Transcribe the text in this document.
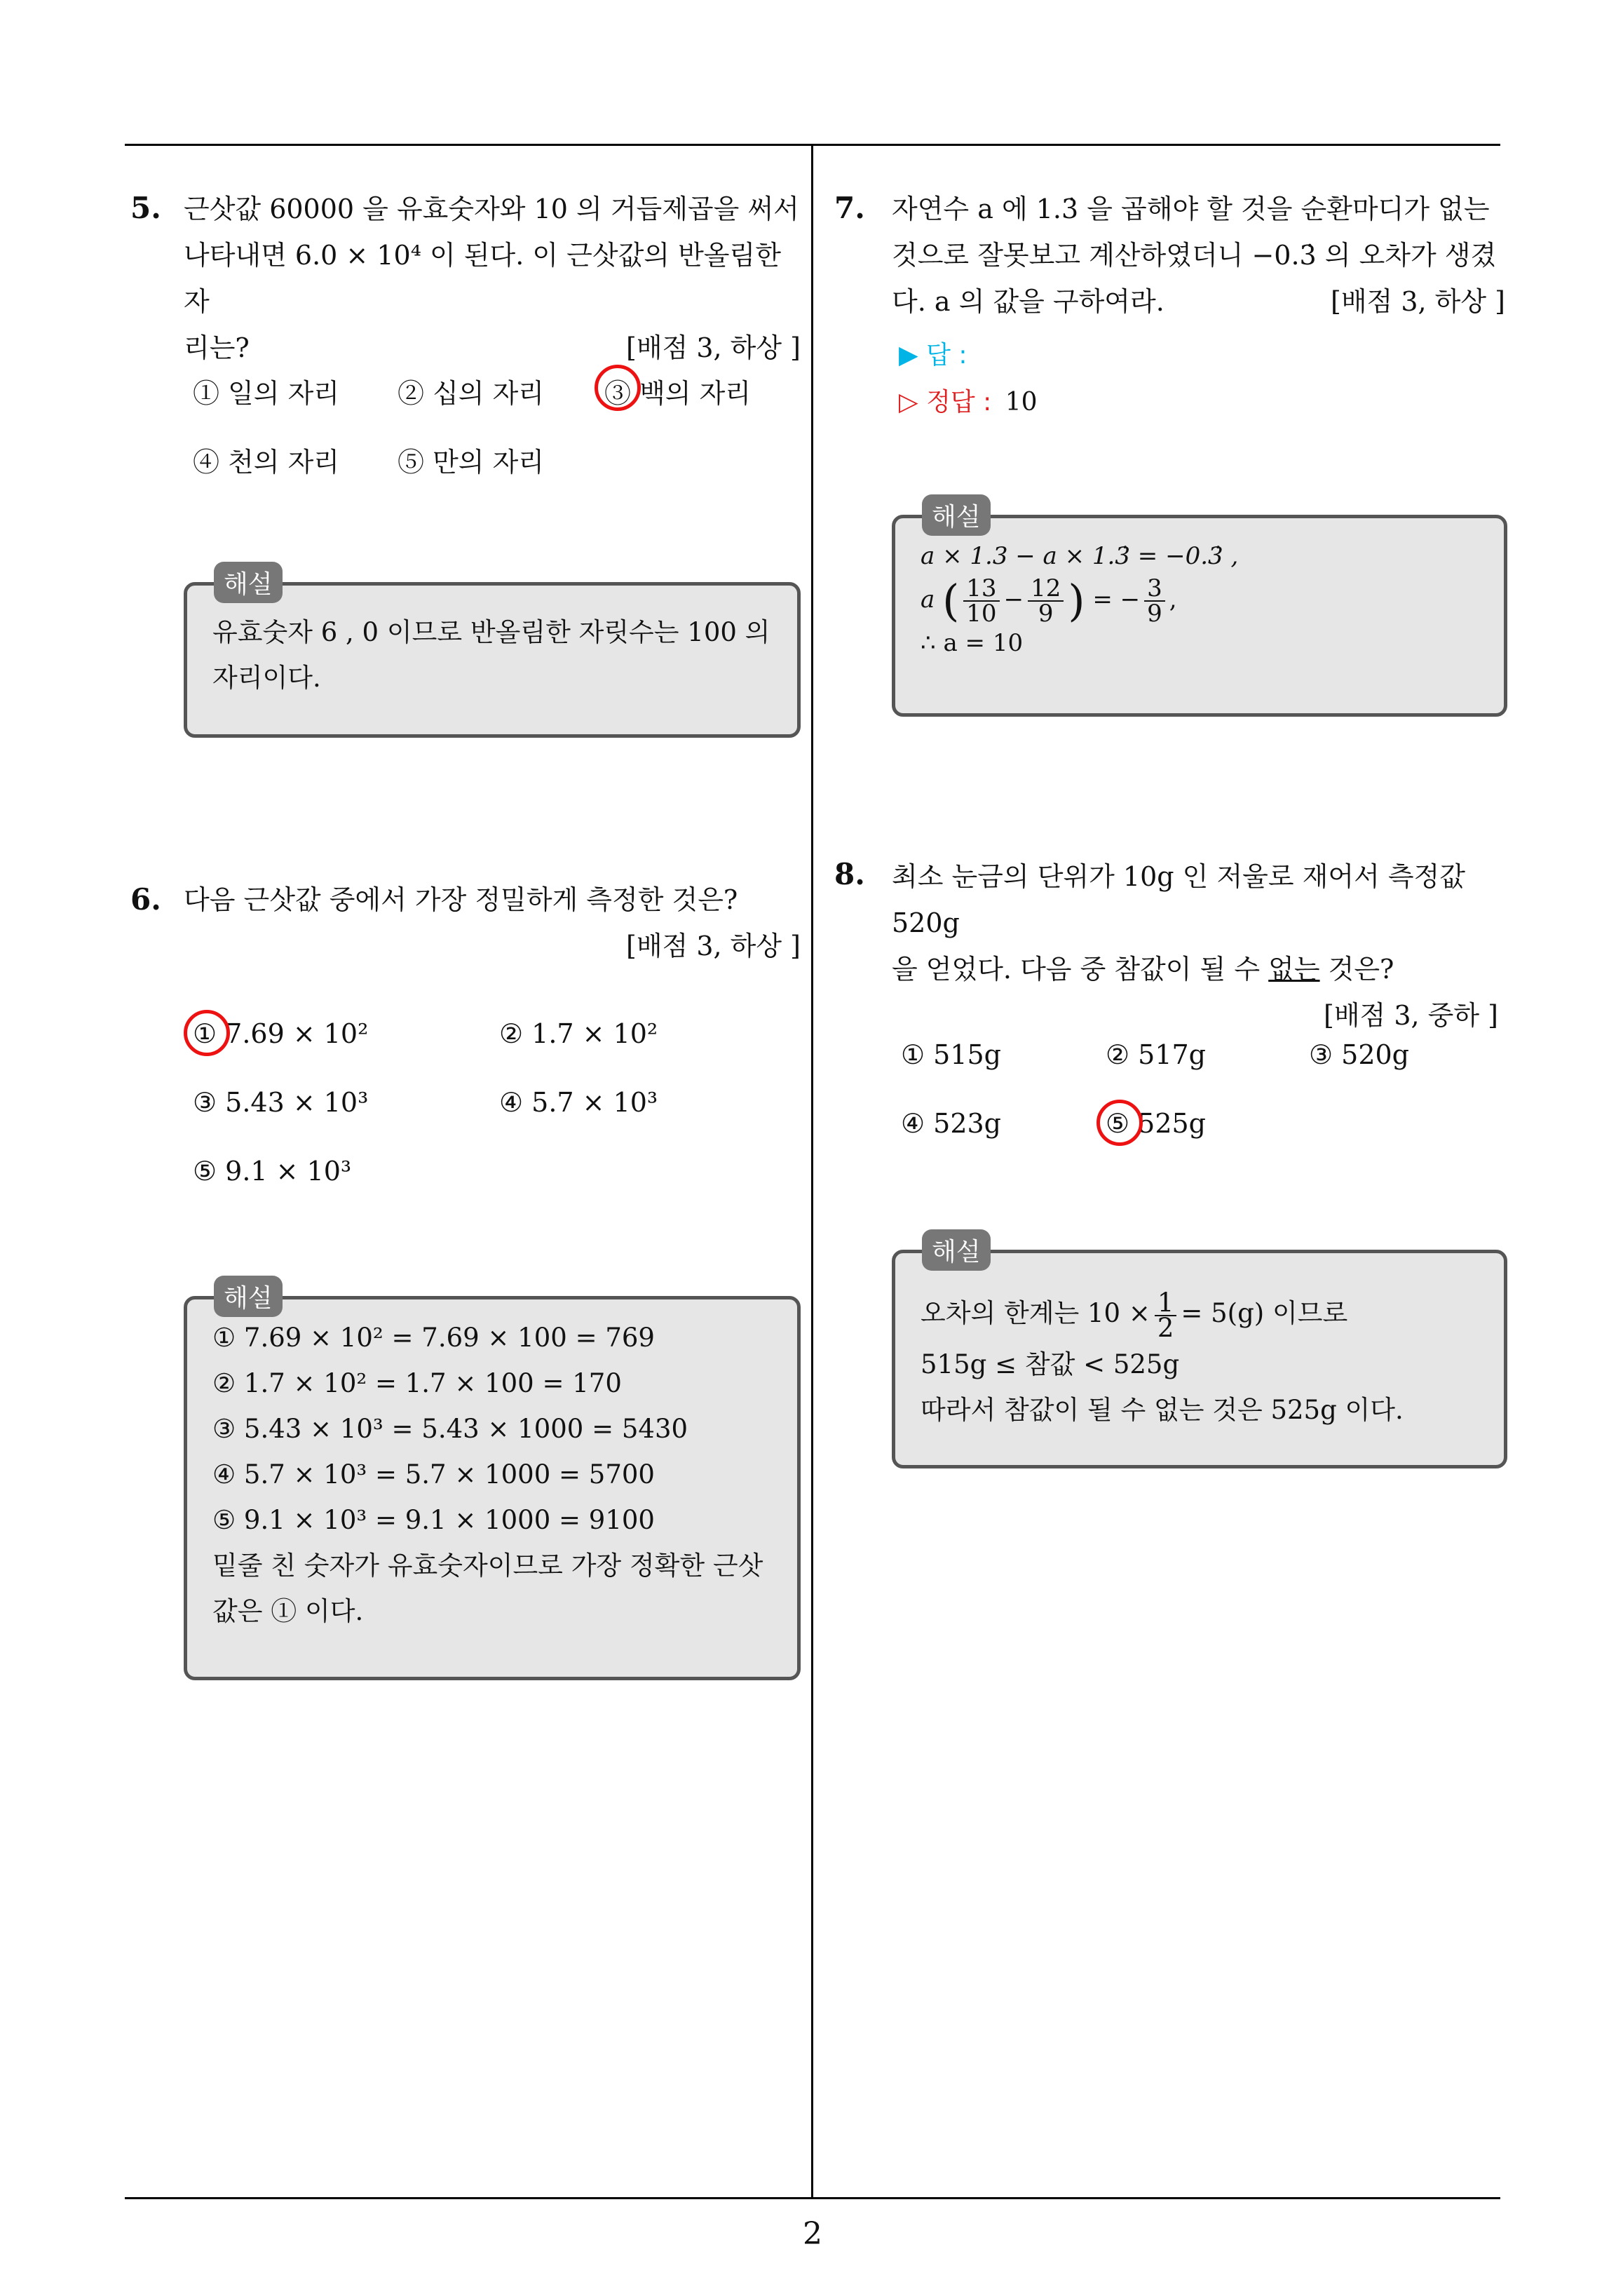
5. 근삿값 60000 을 유효숫자와 10 의 거듭제곱을 써서
나타내면 6.0 × 10⁴ 이 된다. 이 근삿값의 반올림한 자
리는?	[배점 3, 하상 ]
① 일의 자리 ② 십의 자리 ③ 백의 자리
④ 천의 자리 ⑤ 만의 자리
해설
유효숫자 6 , 0 이므로 반올림한 자릿수는 100 의
자리이다.
6. 다음 근삿값 중에서 가장 정밀하게 측정한 것은?
[배점 3, 하상 ]
① 7.69 × 10²	② 1.7 × 10²
③ 5.43 × 10³	④ 5.7 × 10³
⑤ 9.1 × 10³
해설
① 7.69 × 10² = 7.69 × 100 = 769
② 1.7 × 10² = 1.7 × 100 = 170
③ 5.43 × 10³ = 5.43 × 1000 = 5430
④ 5.7 × 10³ = 5.7 × 1000 = 5700
⑤ 9.1 × 10³ = 9.1 × 1000 = 9100
밑줄 친 숫자가 유효숫자이므로 가장 정확한 근삿
값은 ① 이다.
7. 자연수 a 에 1.3̇ 을 곱해야 할 것을 순환마디가 없는
것으로 잘못보고 계산하였더니 −0.3̇ 의 오차가 생겼
다. a 의 값을 구하여라.	[배점 3, 하상 ]
▶ 답 :
▷ 정답 : 10
해설
a × 1.3 − a × 1.3̇ = −0.3̇ ,
a ( $\frac{13}{10} - \frac{12}{9}$ ) = − $\frac{3}{9}$ ,
∴ a = 10
8. 최소 눈금의 단위가 10g 인 저울로 재어서 측정값 520g
을 얻었다. 다음 중 참값이 될 수 없는 것은?
[배점 3, 중하 ]
① 515g	② 517g	③ 520g
④ 523g	⑤ 525g
해설
오차의 한계는 $10 \times \frac{1}{2} = 5(g)$ 이므로
515g ≤ 참값 < 525g
따라서 참값이 될 수 없는 것은 525g 이다.
2
